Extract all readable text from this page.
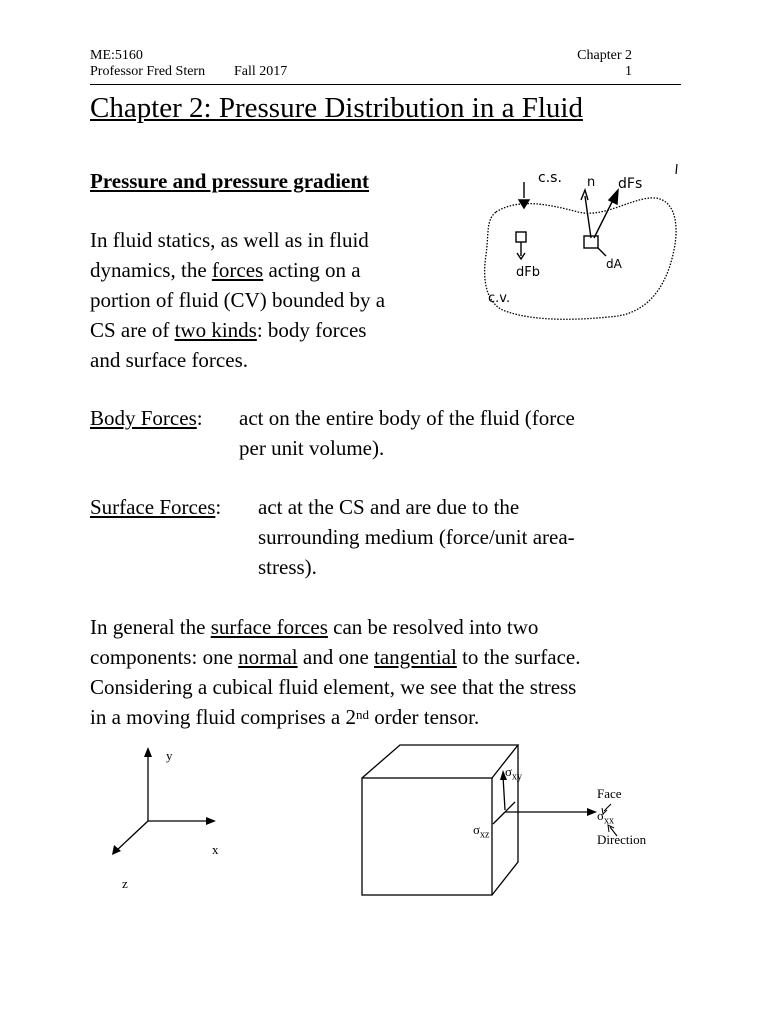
ME:5160
Professor Fred Stern Fall 2017
Chapter 2
1
Chapter 2: Pressure Distribution in a Fluid
Pressure and pressure gradient
In fluid statics, as well as in fluid
dynamics, the forces acting on a
portion of fluid (CV) bounded by a
CS are of two kinds: body forces
and surface forces.
c.s. n dFs
dFb
dA
c.v.
Body Forces: act on the entire body of the fluid (force
per unit volume).
Surface Forces: act at the CS and are due to the
surrounding medium (force/unit area-
stress).
In general the surface forces can be resolved into two
components: one normal and one tangential to the surface.
Considering a cubical fluid element, we see that the stress
in a moving fluid comprises a 2nd order tensor.
y
x
z
$\sigma_{xy}$
$\sigma_{xz}$
Face
$\sigma_{xx}$
Direction
